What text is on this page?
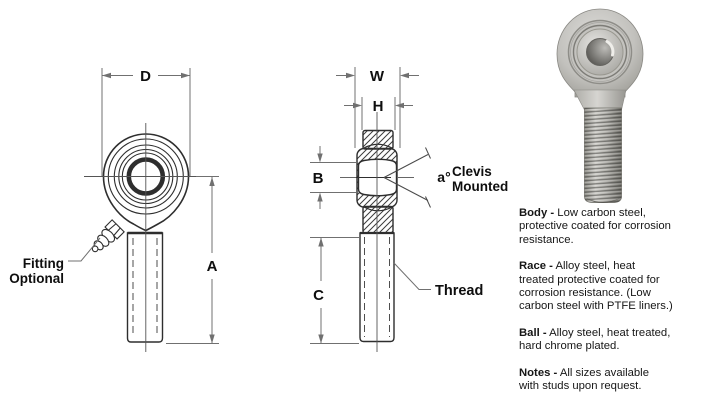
D
A
Fitting
Optional
W
H
B
C
a° Clevis
Mounted
Thread

Body - Low carbon steel,
protective coated for corrosion
resistance.

Race - Alloy steel, heat
treated protective coated for
corrosion resistance. (Low
carbon steel with PTFE liners.)

Ball - Alloy steel, heat treated,
hard chrome plated.

Notes - All sizes available
with studs upon request.
